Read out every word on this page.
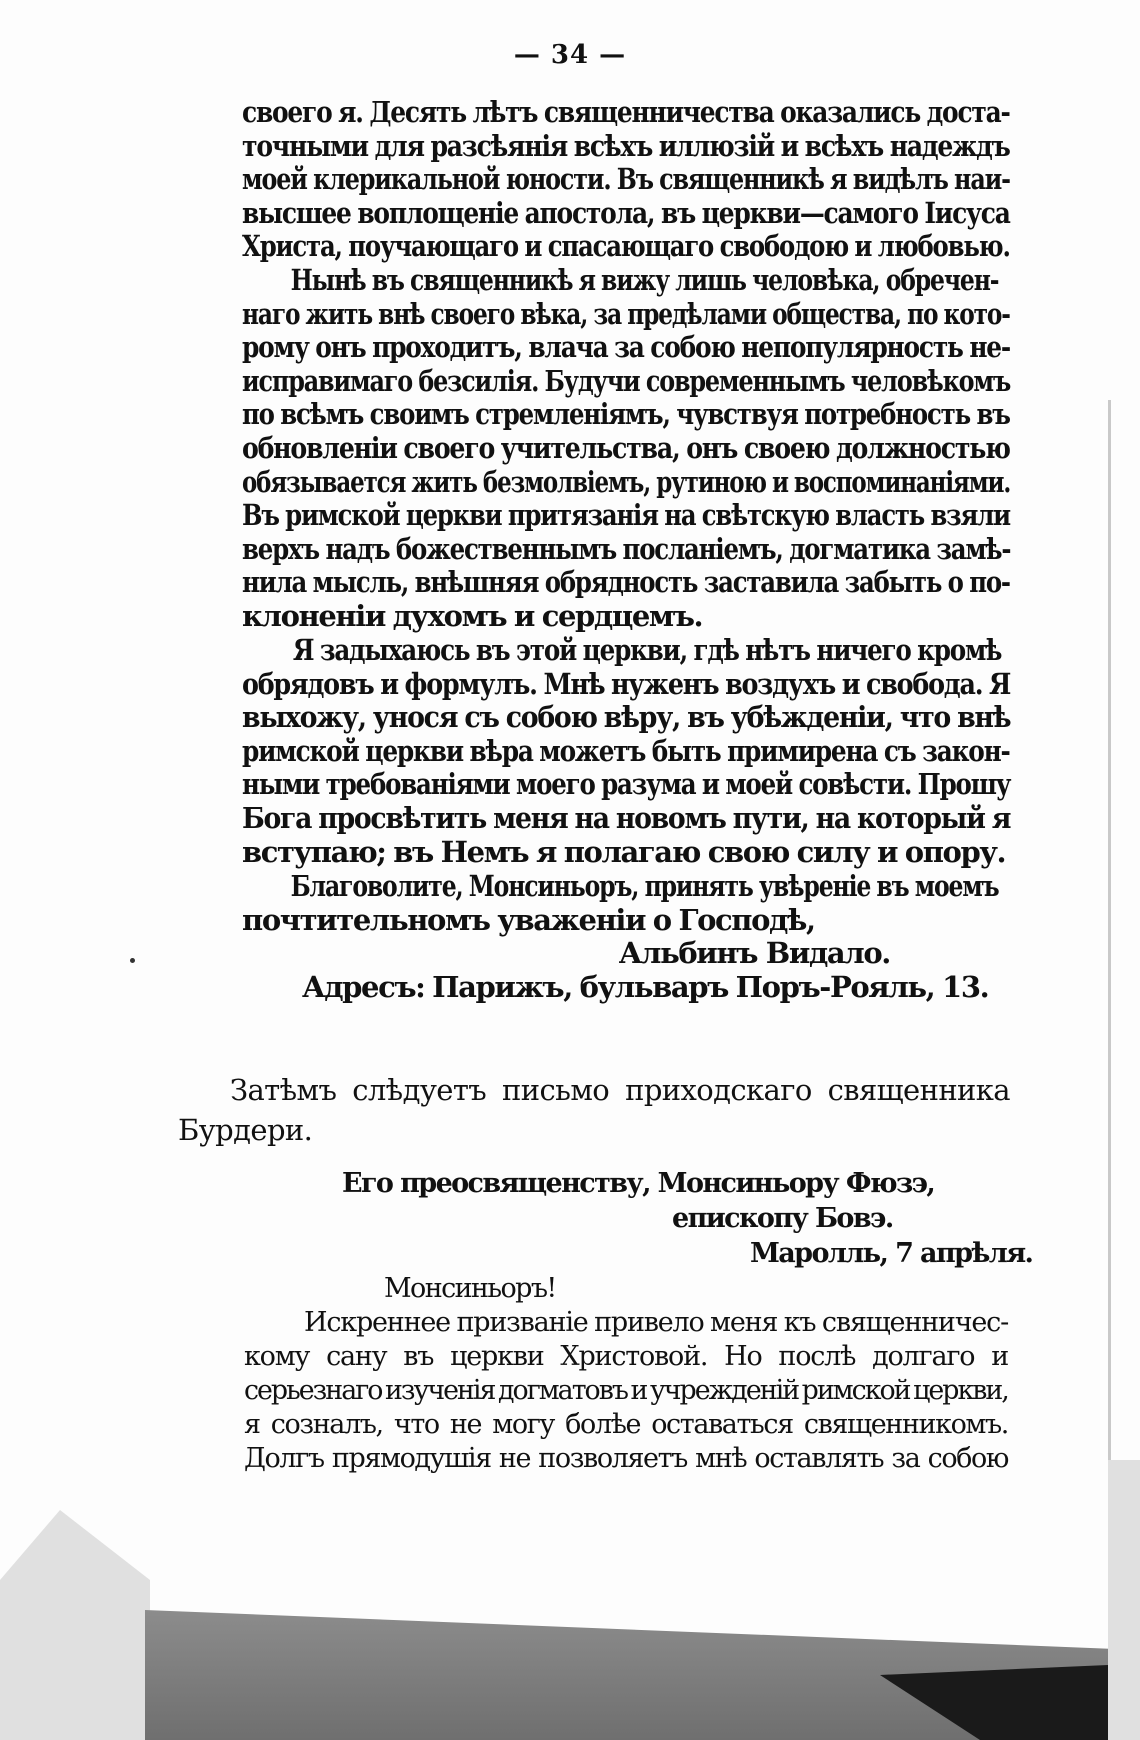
— 34 —
своего я. Десять лѣтъ священничества оказались доста-
точными для разсѣянія всѣхъ иллюзій и всѣхъ надеждъ
моей клерикальной юности. Въ священникѣ я видѣлъ наи-
высшее воплощеніе апостола, въ церкви—самого Іисуса
Христа, поучающаго и спасающаго свободою и любовью.
Нынѣ въ священникѣ я вижу лишь человѣка, обречен-
наго жить внѣ своего вѣка, за предѣлами общества, по кото-
рому онъ проходитъ, влача за собою непопулярность не-
исправимаго безсилія. Будучи современнымъ человѣкомъ
по всѣмъ своимъ стремленіямъ, чувствуя потребность въ
обновленіи своего учительства, онъ своею должностью
обязывается жить безмолвіемъ, рутиною и воспоминаніями.
Въ римской церкви притязанія на свѣтскую власть взяли
верхъ надъ божественнымъ посланіемъ, догматика замѣ-
нила мысль, внѣшняя обрядность заставила забыть о по-
клоненіи духомъ и сердцемъ.
Я задыхаюсь въ этой церкви, гдѣ нѣтъ ничего кромѣ
обрядовъ и формулъ. Мнѣ нуженъ воздухъ и свобода. Я
выхожу, унося съ собою вѣру, въ убѣжденіи, что внѣ
римской церкви вѣра можетъ быть примирена съ закон-
ными требованіями моего разума и моей совѣсти. Прошу
Бога просвѣтить меня на новомъ пути, на который я
вступаю; въ Немъ я полагаю свою силу и опору.
Благоволите, Монсиньоръ, принять увѣреніе въ моемъ
почтительномъ уваженіи о Господѣ,
Альбинъ Видало.
Адресъ: Парижъ, бульваръ Поръ-Рояль, 13.
Затѣмъ слѣдуетъ письмо приходскаго священника
Бурдери.
Его преосвященству, Монсиньору Фюзэ,
епископу Бовэ.
Маролль, 7 апрѣля.
Монсиньоръ!
Искреннее призваніе привело меня къ священничес-
кому сану въ церкви Христовой. Но послѣ долгаго и
серьезнаго изученія догматовъ и учрежденій римской церкви,
я созналъ, что не могу болѣе оставаться священникомъ.
Долгъ прямодушія не позволяетъ мнѣ оставлять за собою
